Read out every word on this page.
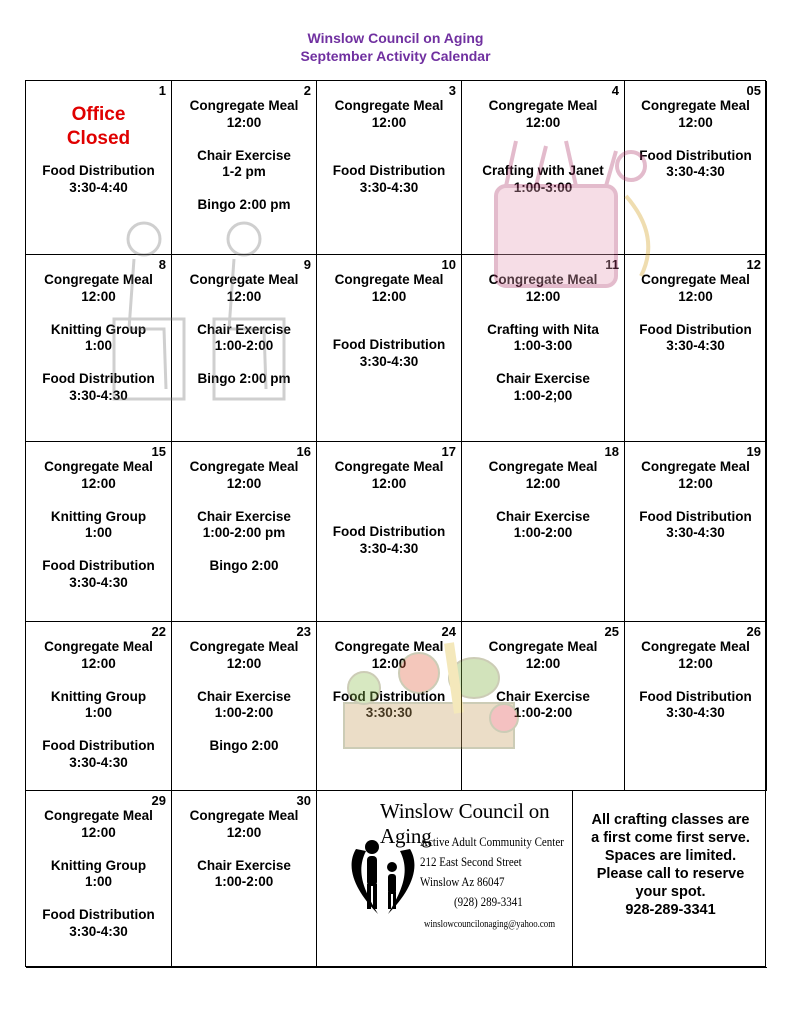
Winslow Council on Aging
September Activity Calendar
30
Congregate Meal
12:00
Chair Exercise
1:00-2:00
29
Congregate Meal
12:00
Knitting Group
1:00
Food Distribution
3:30-4:30
26
Congregate Meal
12:00
Food Distribution
3:30-4:30
25
Congregate Meal
12:00
Chair Exercise
1:00-2:00
24
Congregate Meal
12:00
Food Distribution
3:30:30
23
Congregate Meal
12:00
Chair Exercise
1:00-2:00
Bingo 2:00
22
Congregate Meal
12:00
Knitting Group
1:00
Food Distribution
3:30-4:30
19
Congregate Meal
12:00
Food Distribution
3:30-4:30
18
Congregate Meal
12:00
Chair Exercise
1:00-2:00
17
Congregate Meal
12:00
Food Distribution
3:30-4:30
16
Congregate Meal
12:00
Chair Exercise
1:00-2:00 pm
Bingo 2:00
15
Congregate Meal
12:00
Knitting Group
1:00
Food Distribution
3:30-4:30
12
Congregate Meal
12:00
Food Distribution
3:30-4:30
11
Congregate Meal
12:00
Crafting with Nita
1:00-3:00
Chair Exercise
1:00-2;00
10
Congregate Meal
12:00
Food Distribution
3:30-4:30
9
Congregate Meal
12:00
Chair Exercise
1:00-2:00
Bingo 2:00 pm
8
Congregate Meal
12:00
Knitting Group
1:00
Food Distribution
3:30-4:30
05
Congregate Meal
12:00
Food Distribution
3:30-4:30
4
Congregate Meal
12:00
Crafting with Janet
1:00-3:00
3
Congregate Meal
12:00
Food Distribution
3:30-4:30
2
Congregate Meal
12:00
Chair Exercise
1-2 pm
Bingo 2:00 pm
1
Office
Closed
Food Distribution
3:30-4:40
Winslow Council on Aging
Active Adult Community Center
212 East Second Street
Winslow Az 86047
(928) 289-3341
winslowcouncilonaging@yahoo.com
All crafting classes are
a first come first serve.
Spaces are limited.
Please call to reserve
your spot.
928-289-3341
